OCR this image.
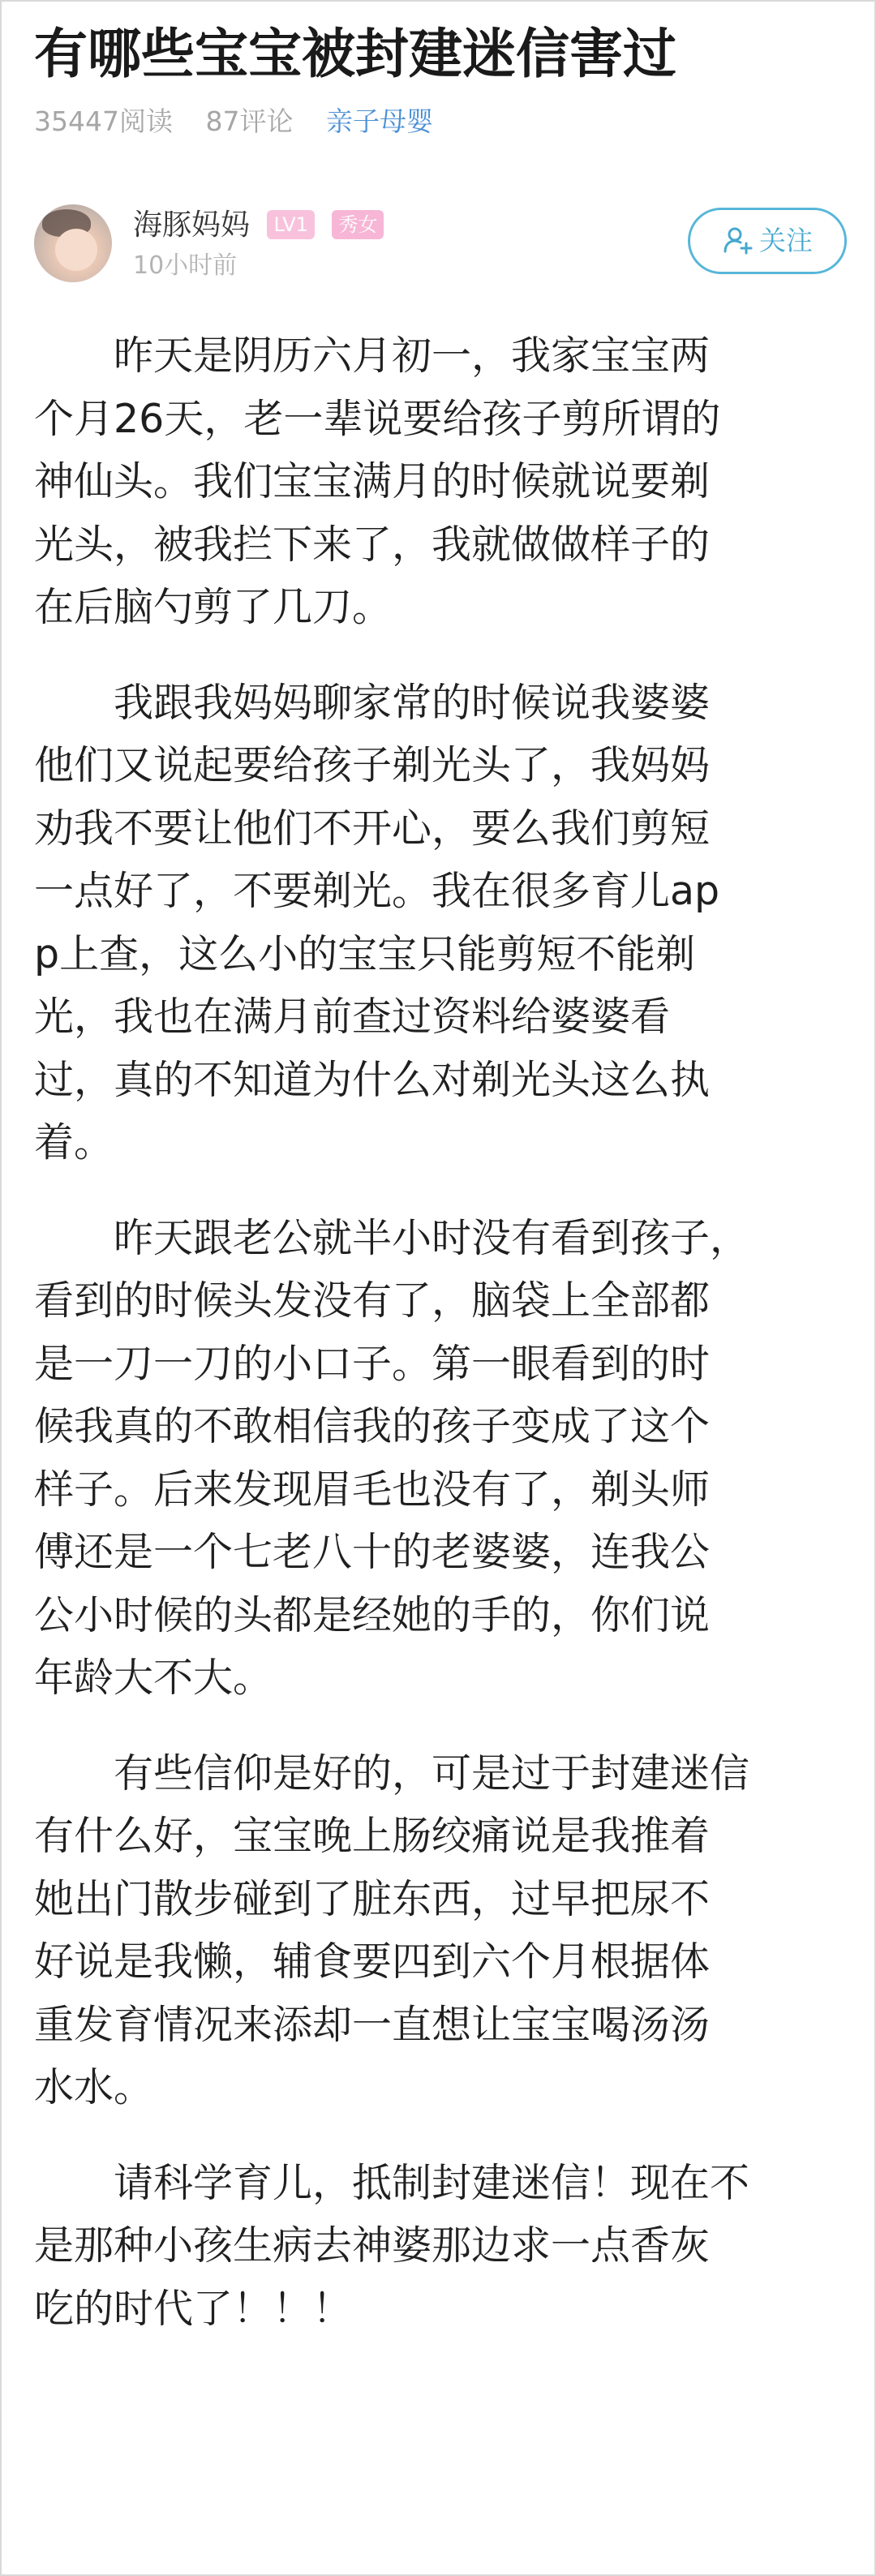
有哪些宝宝被封建迷信害过
35447阅读 87评论 亲子母婴
海豚妈妈 LV1 秀女
10小时前
关注

　　昨天是阴历六月初一，我家宝宝两
个月26天，老一辈说要给孩子剪所谓的
神仙头。我们宝宝满月的时候就说要剃
光头，被我拦下来了，我就做做样子的
在后脑勺剪了几刀。

　　我跟我妈妈聊家常的时候说我婆婆
他们又说起要给孩子剃光头了，我妈妈
劝我不要让他们不开心，要么我们剪短
一点好了，不要剃光。我在很多育儿ap
p上查，这么小的宝宝只能剪短不能剃
光，我也在满月前查过资料给婆婆看
过，真的不知道为什么对剃光头这么执
着。

　　昨天跟老公就半小时没有看到孩子，
看到的时候头发没有了，脑袋上全部都
是一刀一刀的小口子。第一眼看到的时
候我真的不敢相信我的孩子变成了这个
样子。后来发现眉毛也没有了，剃头师
傅还是一个七老八十的老婆婆，连我公
公小时候的头都是经她的手的，你们说
年龄大不大。

　　有些信仰是好的，可是过于封建迷信
有什么好，宝宝晚上肠绞痛说是我推着
她出门散步碰到了脏东西，过早把尿不
好说是我懒，辅食要四到六个月根据体
重发育情况来添却一直想让宝宝喝汤汤
水水。

　　请科学育儿，抵制封建迷信！现在不
是那种小孩生病去神婆那边求一点香灰
吃的时代了！！！
